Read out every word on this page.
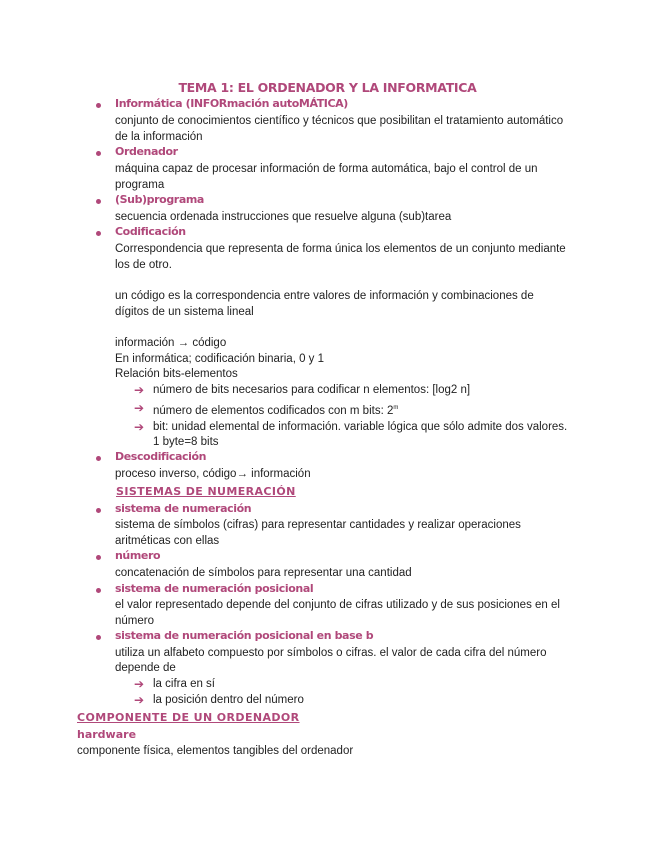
TEMA 1: EL ORDENADOR Y LA INFORMATICA
Informática (INFORmación autoMÁTICA)
conjunto de conocimientos científico y técnicos que posibilitan el tratamiento automático
de la información
Ordenador
máquina capaz de procesar información de forma automática, bajo el control de un
programa
(Sub)programa
secuencia ordenada instrucciones que resuelve alguna (sub)tarea
Codificación
Correspondencia que representa de forma única los elementos de un conjunto mediante
los de otro.
un código es la correspondencia entre valores de información y combinaciones de
dígitos de un sistema lineal
información → código
En informática; codificación binaria, 0 y 1
Relación bits-elementos
➔ número de bits necesarios para codificar n elementos: [log2 n]
➔ número de elementos codificados con m bits: 2$^m$
➔ bit: unidad elemental de información. variable lógica que sólo admite dos valores.
1 byte=8 bits
Descodificación
proceso inverso, código→ información
SISTEMAS DE NUMERACIÓN
sistema de numeración
sistema de símbolos (cifras) para representar cantidades y realizar operaciones
aritméticas con ellas
número
concatenación de símbolos para representar una cantidad
sistema de numeración posicional
el valor representado depende del conjunto de cifras utilizado y de sus posiciones en el
número
sistema de numeración posicional en base b
utiliza un alfabeto compuesto por símbolos o cifras. el valor de cada cifra del número
depende de
➔ la cifra en sí
➔ la posición dentro del número
COMPONENTE DE UN ORDENADOR
hardware
componente física, elementos tangibles del ordenador
